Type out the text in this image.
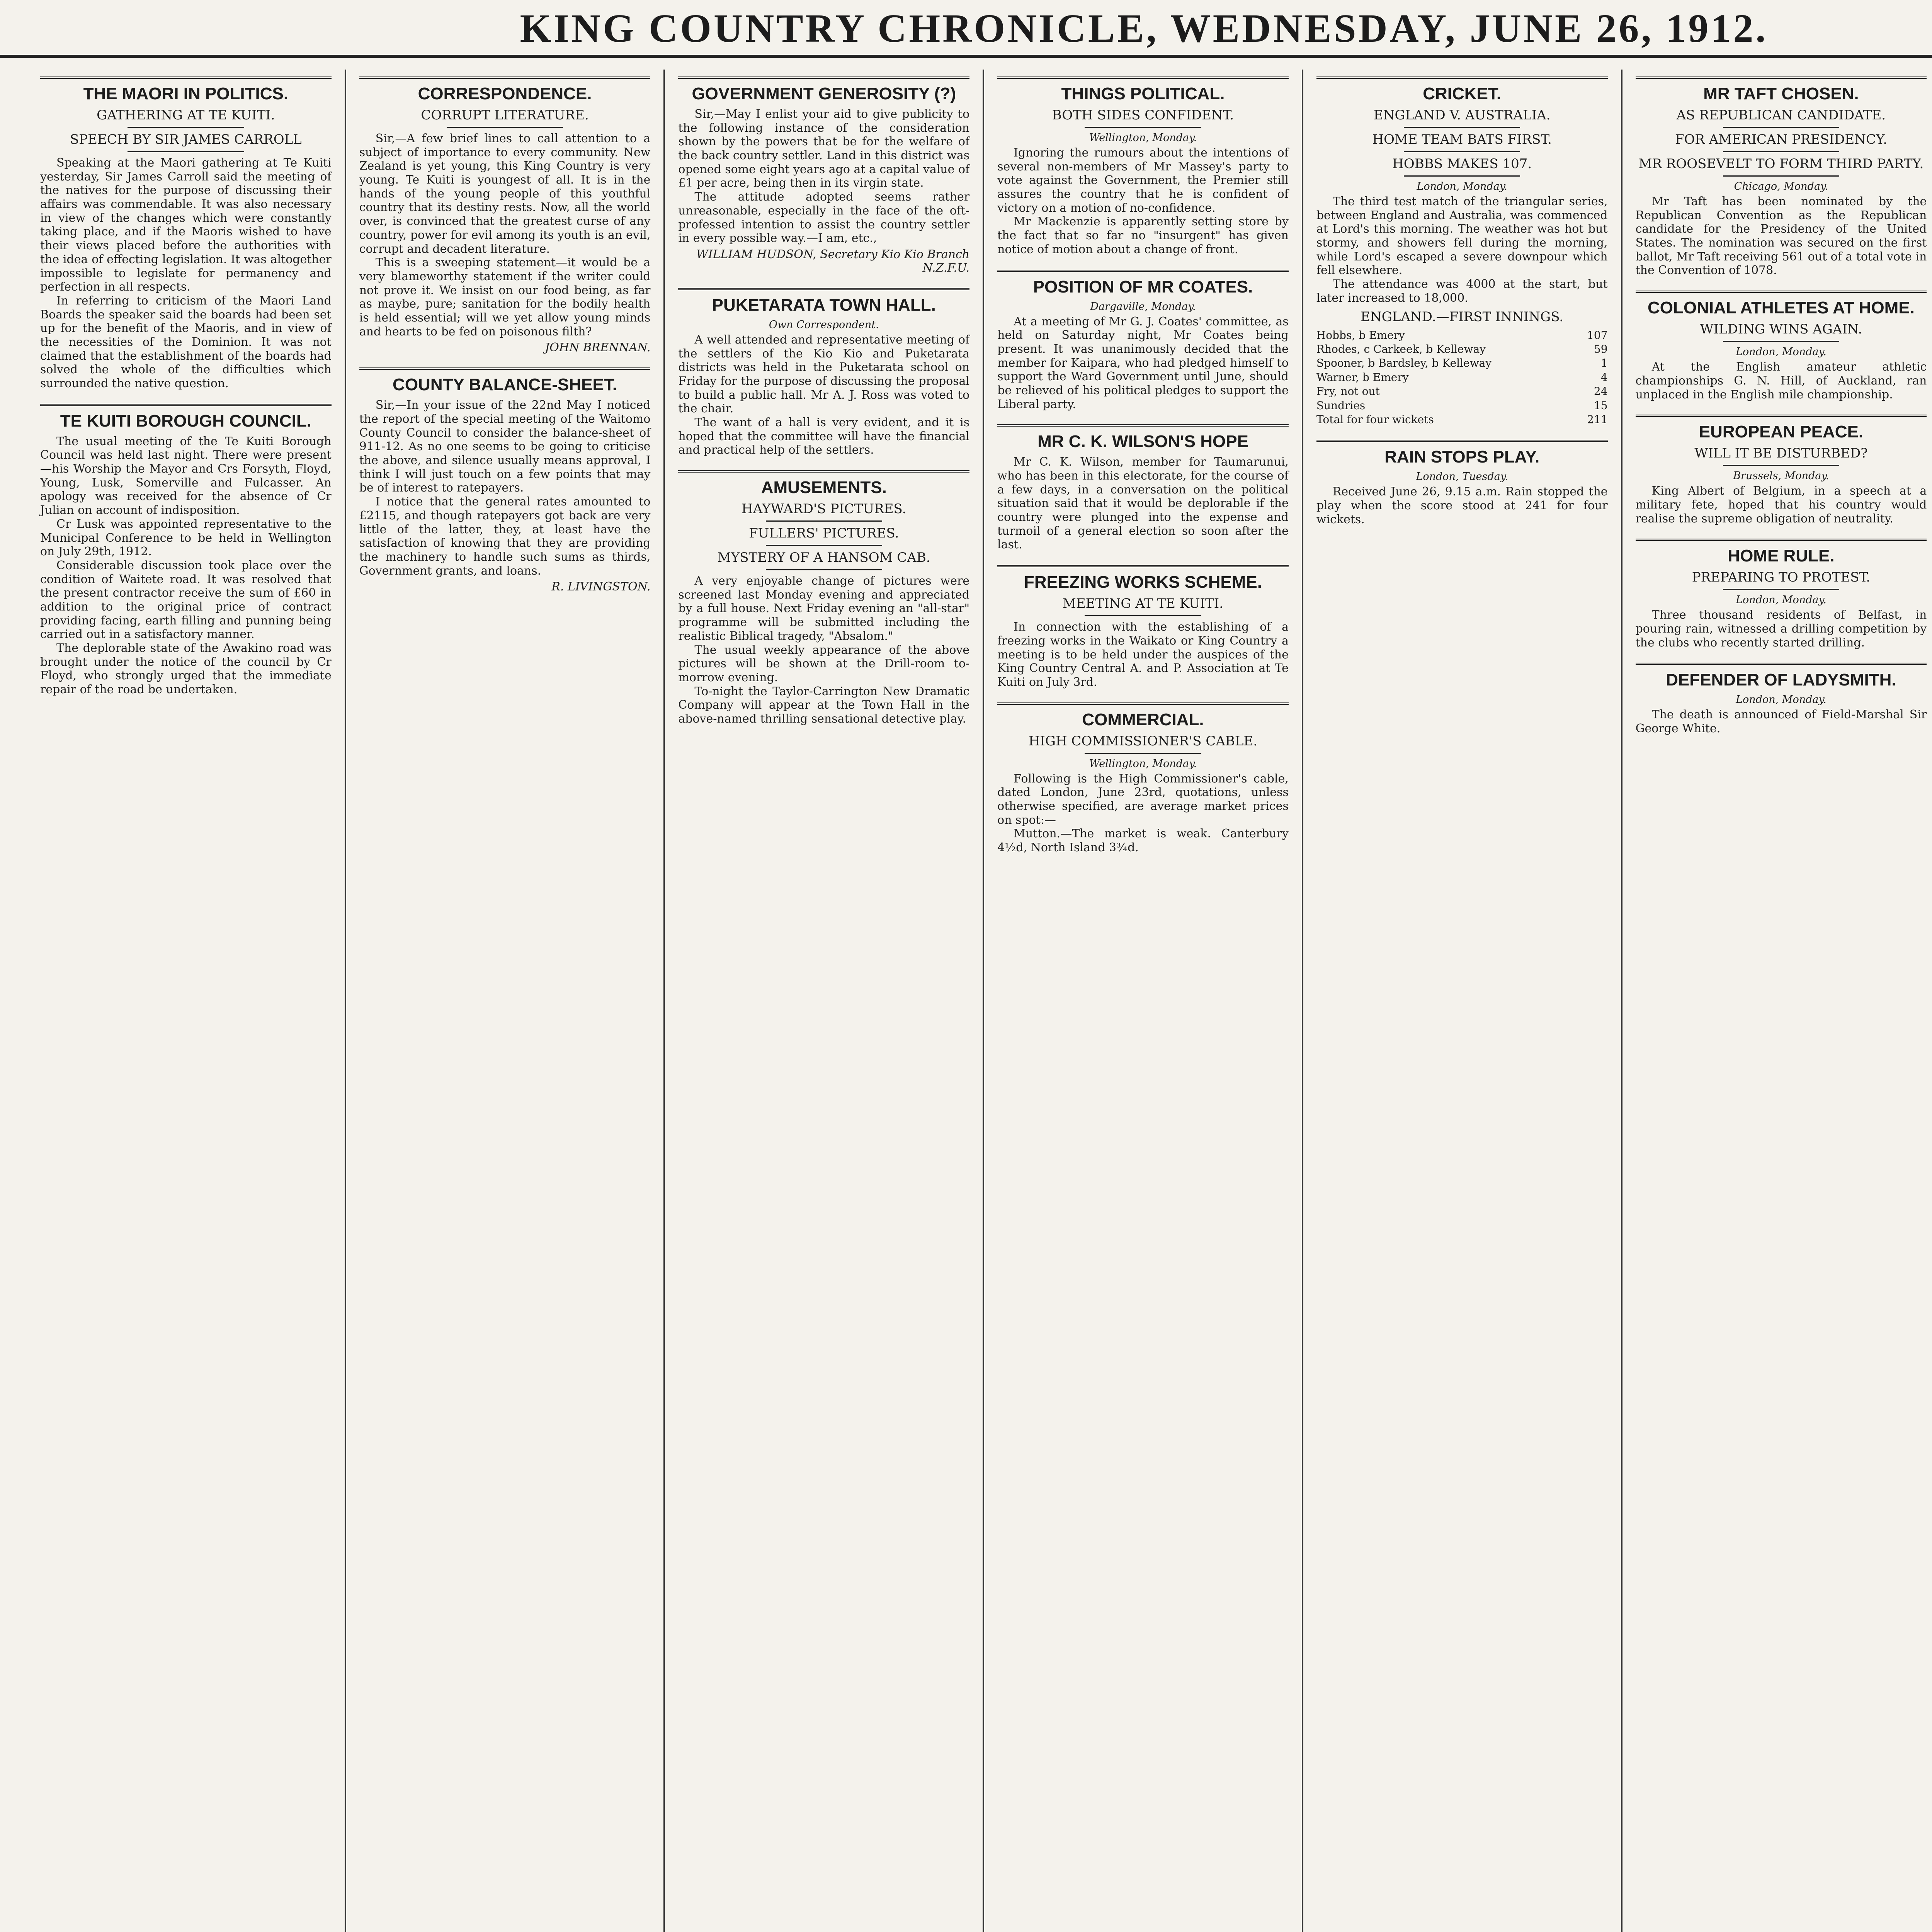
KING COUNTRY CHRONICLE, WEDNESDAY, JUNE 26, 1912.
THE MAORI IN POLITICS.
GATHERING AT TE KUITI.
SPEECH BY SIR JAMES CARROLL

Speaking at the Maori gathering at Te Kuiti yesterday, Sir James Carroll said the meeting of the natives for the purpose of discussing their affairs was commendable. It was also necessary in view of the changes which were constantly taking place, and if the Maoris wished to have their views placed before the authorities with the idea of effecting legislation. It was altogether impossible to legislate for permanency and perfection in all respects.

In referring to criticism of the Maori Land Boards the speaker said the boards had been set up for the benefit of the Maoris, and in view of the necessities of the Dominion. It was not claimed that the establishment of the boards had solved the whole of the difficulties which surrounded the native question.

TE KUITI BOROUGH COUNCIL.

The usual meeting of the Te Kuiti Borough Council was held last night. There were present—his Worship the Mayor and Crs Forsyth, Floyd, Young, Lusk, Somerville and Fulcasser. An apology was received for the absence of Cr Julian on account of indisposition.

Cr Lusk was appointed representative to the Municipal Conference to be held in Wellington on July 29th, 1912.

Considerable discussion took place over the condition of Waitete road. It was resolved that the present contractor receive the sum of £60 in addition to the original price of contract providing facing, earth filling and punning being carried out in a satisfactory manner.

The deplorable state of the Awakino road was brought under the notice of the council by Cr Floyd, who strongly urged that the immediate repair of the road be undertaken.

CORRESPONDENCE.
CORRUPT LITERATURE.

Sir,—A few brief lines to call attention to a subject of importance to every community. New Zealand is yet young, this King Country is very young. Te Kuiti is youngest of all. It is in the hands of the young people of this youthful country that its destiny rests. Now, all the world over, is convinced that the greatest curse of any country, power for evil among its youth is an evil, corrupt and decadent literature.

This is a sweeping statement—it would be a very blameworthy statement if the writer could not prove it. We insist on our food being, as far as maybe, pure; sanitation for the bodily health is held essential; will we yet allow young minds and hearts to be fed on poisonous filth?

JOHN BRENNAN.
COUNTY BALANCE-SHEET.

Sir,—In your issue of the 22nd May I noticed the report of the special meeting of the Waitomo County Council to consider the balance-sheet of 911-12. As no one seems to be going to criticise the above, and silence usually means approval, I think I will just touch on a few points that may be of interest to ratepayers.

I notice that the general rates amounted to £2115, and though ratepayers got back are very little of the latter, they, at least have the satisfaction of knowing that they are providing the machinery to handle such sums as thirds, Government grants, and loans.

R. LIVINGSTON.
GOVERNMENT GENEROSITY (?)

Sir,—May I enlist your aid to give publicity to the following instance of the consideration shown by the powers that be for the welfare of the back country settler. Land in this district was opened some eight years ago at a capital value of £1 per acre, being then in its virgin state.

The attitude adopted seems rather unreasonable, especially in the face of the oft-professed intention to assist the country settler in every possible way.—I am, etc.,

WILLIAM HUDSON, Secretary Kio Kio Branch N.Z.F.U.
PUKETARATA TOWN HALL.
Own Correspondent.

A well attended and representative meeting of the settlers of the Kio Kio and Puketarata districts was held in the Puketarata school on Friday for the purpose of discussing the proposal to build a public hall. Mr A. J. Ross was voted to the chair.

The want of a hall is very evident, and it is hoped that the committee will have the financial and practical help of the settlers.

AMUSEMENTS.
HAYWARD'S PICTURES.
FULLERS' PICTURES.
MYSTERY OF A HANSOM CAB.

A very enjoyable change of pictures were screened last Monday evening and appreciated by a full house. Next Friday evening an "all-star" programme will be submitted including the realistic Biblical tragedy, "Absalom."

The usual weekly appearance of the above pictures will be shown at the Drill-room to-morrow evening.

To-night the Taylor-Carrington New Dramatic Company will appear at the Town Hall in the above-named thrilling sensational detective play.

THINGS POLITICAL.
BOTH SIDES CONFIDENT.
Wellington, Monday.

Ignoring the rumours about the intentions of several non-members of Mr Massey's party to vote against the Government, the Premier still assures the country that he is confident of victory on a motion of no-confidence.

Mr Mackenzie is apparently setting store by the fact that so far no "insurgent" has given notice of motion about a change of front.

POSITION OF MR COATES.
Dargaville, Monday.

At a meeting of Mr G. J. Coates' committee, as held on Saturday night, Mr Coates being present. It was unanimously decided that the member for Kaipara, who had pledged himself to support the Ward Government until June, should be relieved of his political pledges to support the Liberal party.

MR C. K. WILSON'S HOPE

Mr C. K. Wilson, member for Taumarunui, who has been in this electorate, for the course of a few days, in a conversation on the political situation said that it would be deplorable if the country were plunged into the expense and turmoil of a general election so soon after the last.

FREEZING WORKS SCHEME.
MEETING AT TE KUITI.

In connection with the establishing of a freezing works in the Waikato or King Country a meeting is to be held under the auspices of the King Country Central A. and P. Association at Te Kuiti on July 3rd.

COMMERCIAL.
HIGH COMMISSIONER'S CABLE.
Wellington, Monday.

Following is the High Commissioner's cable, dated London, June 23rd, quotations, unless otherwise specified, are average market prices on spot:—

Mutton.—The market is weak. Canterbury 4½d, North Island 3¾d.

CRICKET.
ENGLAND V. AUSTRALIA.
HOME TEAM BATS FIRST.
HOBBS MAKES 107.
London, Monday.

The third test match of the triangular series, between England and Australia, was commenced at Lord's this morning. The weather was hot but stormy, and showers fell during the morning, while Lord's escaped a severe downpour which fell elsewhere.

The attendance was 4000 at the start, but later increased to 18,000.

ENGLAND.—FIRST INNINGS.
Hobbs, b Emery	107
Rhodes, c Carkeek, b Kelleway	59
Spooner, b Bardsley, b Kelleway	1
Warner, b Emery	4
Fry, not out	24
Sundries	15
Total for four wickets	211
RAIN STOPS PLAY.
London, Tuesday.

Received June 26, 9.15 a.m. Rain stopped the play when the score stood at 241 for four wickets.

MR TAFT CHOSEN.
AS REPUBLICAN CANDIDATE.
FOR AMERICAN PRESIDENCY.
MR ROOSEVELT TO FORM THIRD PARTY.
Chicago, Monday.

Mr Taft has been nominated by the Republican Convention as the Republican candidate for the Presidency of the United States. The nomination was secured on the first ballot, Mr Taft receiving 561 out of a total vote in the Convention of 1078.

COLONIAL ATHLETES AT HOME.
WILDING WINS AGAIN.
London, Monday.

At the English amateur athletic championships G. N. Hill, of Auckland, ran unplaced in the English mile championship.

EUROPEAN PEACE.
WILL IT BE DISTURBED?
Brussels, Monday.

King Albert of Belgium, in a speech at a military fete, hoped that his country would realise the supreme obligation of neutrality.

HOME RULE.
PREPARING TO PROTEST.
London, Monday.

Three thousand residents of Belfast, in pouring rain, witnessed a drilling competition by the clubs who recently started drilling.

DEFENDER OF LADYSMITH.
London, Monday.

The death is announced of Field-Marshal Sir George White.
